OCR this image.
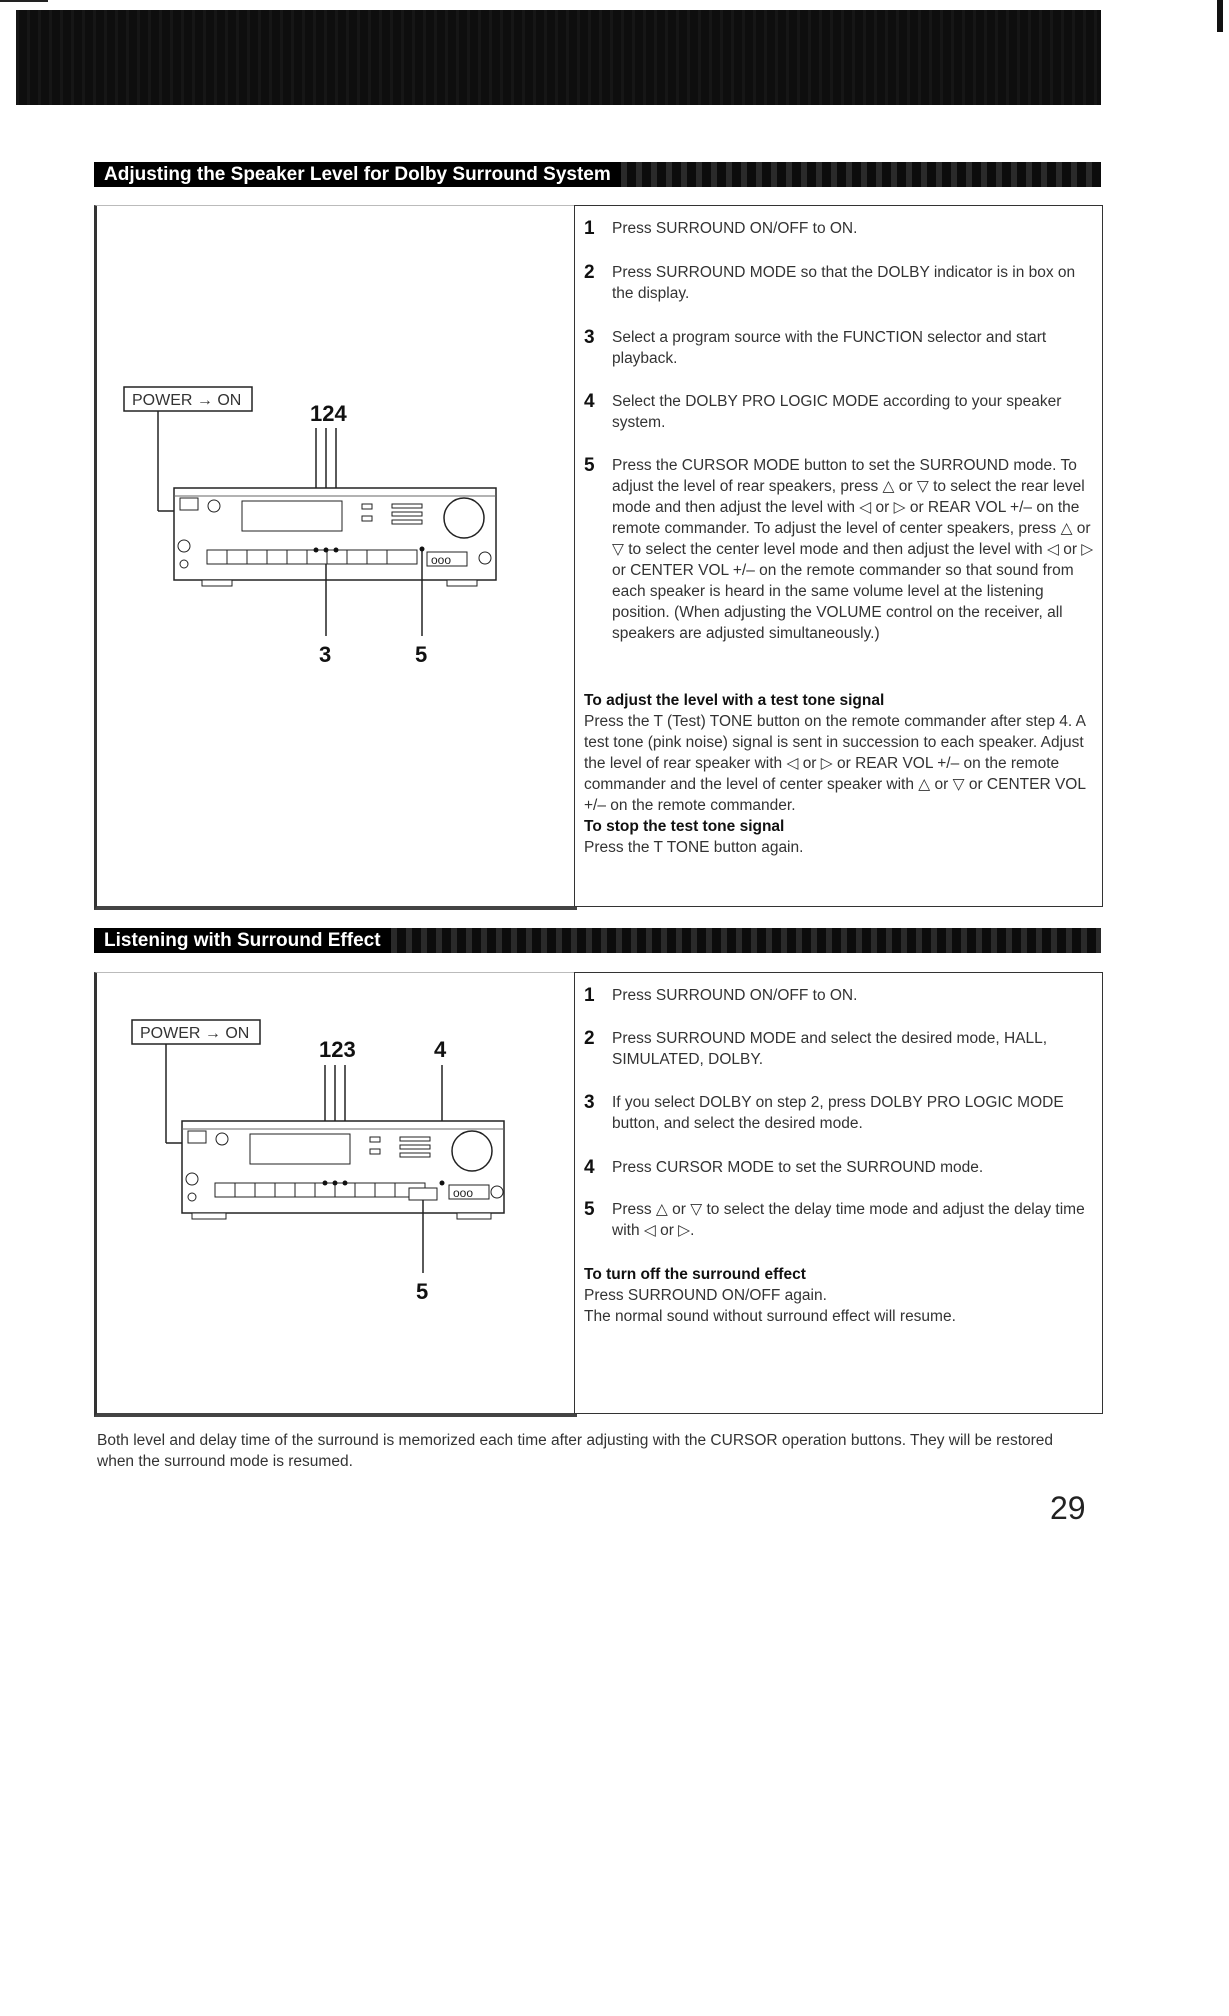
Adjusting the Speaker Level for Dolby Surround System
POWER → ON
124
ooo
3	5
1	Press SURROUND ON/OFF to ON.
2	Press SURROUND MODE so that the DOLBY indicator is in box on the display.
3	Select a program source with the FUNCTION selector and start playback.
4	Select the DOLBY PRO LOGIC MODE according to your speaker system.
5	Press the CURSOR MODE button to set the SURROUND mode. To adjust the level of rear speakers, press △ or ▽ to select the rear level mode and then adjust the level with ◁ or ▷ or REAR VOL +/– on the remote commander. To adjust the level of center speakers, press △ or ▽ to select the center level mode and then adjust the level with ◁ or ▷ or CENTER VOL +/– on the remote commander so that sound from each speaker is heard in the same volume level at the listening position. (When adjusting the VOLUME control on the receiver, all speakers are adjusted simultaneously.)
To adjust the level with a test tone signal
Press the T (Test) TONE button on the remote commander after step 4. A test tone (pink noise) signal is sent in succession to each speaker. Adjust the level of rear speaker with ◁ or ▷ or REAR VOL +/– on the remote commander and the level of center speaker with △ or ▽ or CENTER VOL +/– on the remote commander.
To stop the test tone signal
Press the T TONE button again.
Listening with Surround Effect
POWER → ON
123	4
ooo
5
1	Press SURROUND ON/OFF to ON.
2	Press SURROUND MODE and select the desired mode, HALL, SIMULATED, DOLBY.
3	If you select DOLBY on step 2, press DOLBY PRO LOGIC MODE button, and select the desired mode.
4	Press CURSOR MODE to set the SURROUND mode.
5	Press △ or ▽ to select the delay time mode and adjust the delay time with ◁ or ▷.
To turn off the surround effect
Press SURROUND ON/OFF again.
The normal sound without surround effect will resume.
Both level and delay time of the surround is memorized each time after adjusting with the CURSOR operation buttons. They will be restored when the surround mode is resumed.
29
